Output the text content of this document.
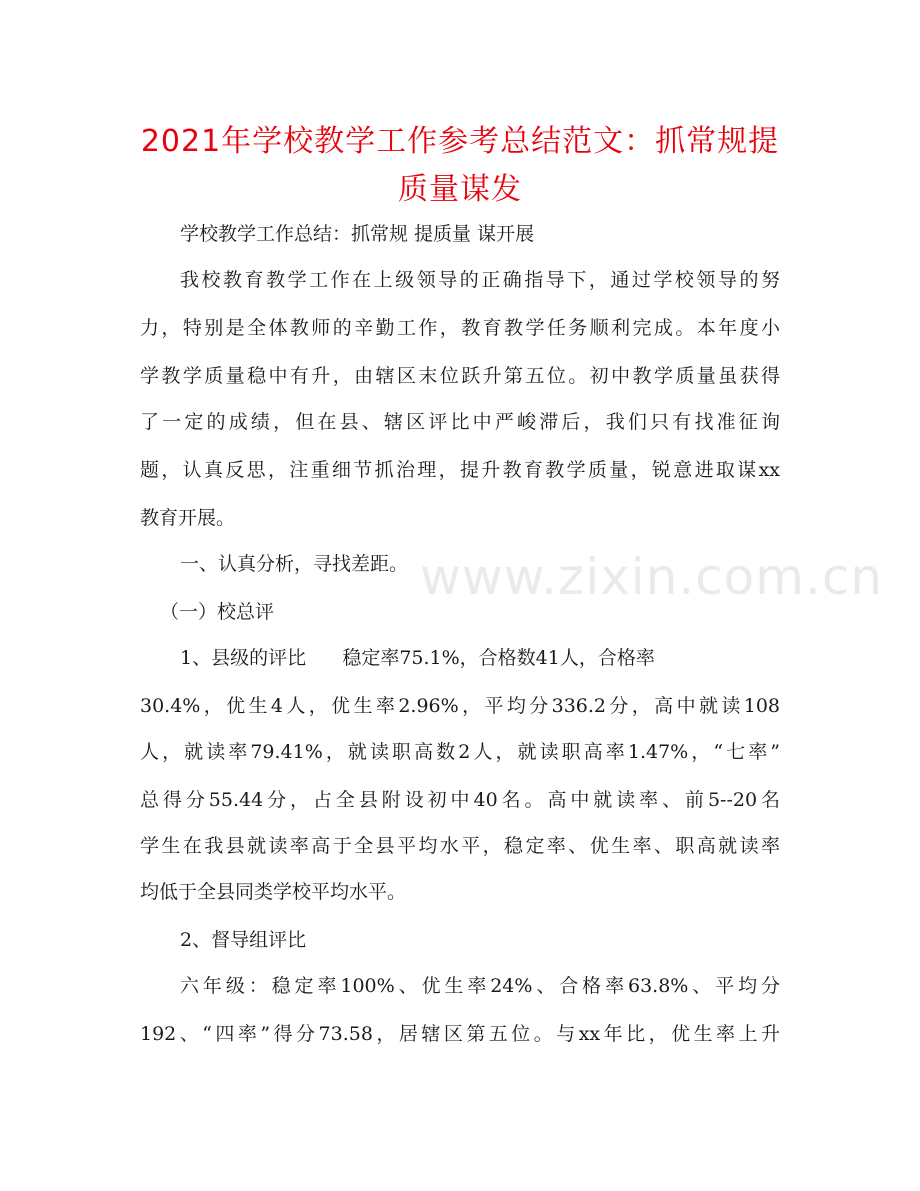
2021年学校教学工作参考总结范文：抓常规提质量谋发
学校教学工作总结：抓常规 提质量 谋开展
我校教育教学工作在上级领导的正确指导下，通过学校领导的努
力，特别是全体教师的辛勤工作，教育教学任务顺利完成。本年度小
学教学质量稳中有升，由辖区末位跃升第五位。初中教学质量虽获得
了一定的成绩，但在县、辖区评比中严峻滞后，我们只有找准征询
题，认真反思，注重细节抓治理，提升教育教学质量，锐意进取谋xx
教育开展。
一、认真分析，寻找差距。
（一）校总评
1、县级的评比      稳定率75.1%，合格数41人，合格率
30.4%，优生4人，优生率2.96%，平均分336.2分，高中就读108
人，就读率79.41%，就读职高数2人，就读职高率1.47%，“七率”
总得分55.44分，占全县附设初中40名。高中就读率、前5--20名
学生在我县就读率高于全县平均水平，稳定率、优生率、职高就读率
均低于全县同类学校平均水平。
2、督导组评比
六年级：稳定率100%、优生率24%、合格率63.8%、平均分
192、“四率”得分73.58，居辖区第五位。与xx年比，优生率上升
www.zixin.com.cn
